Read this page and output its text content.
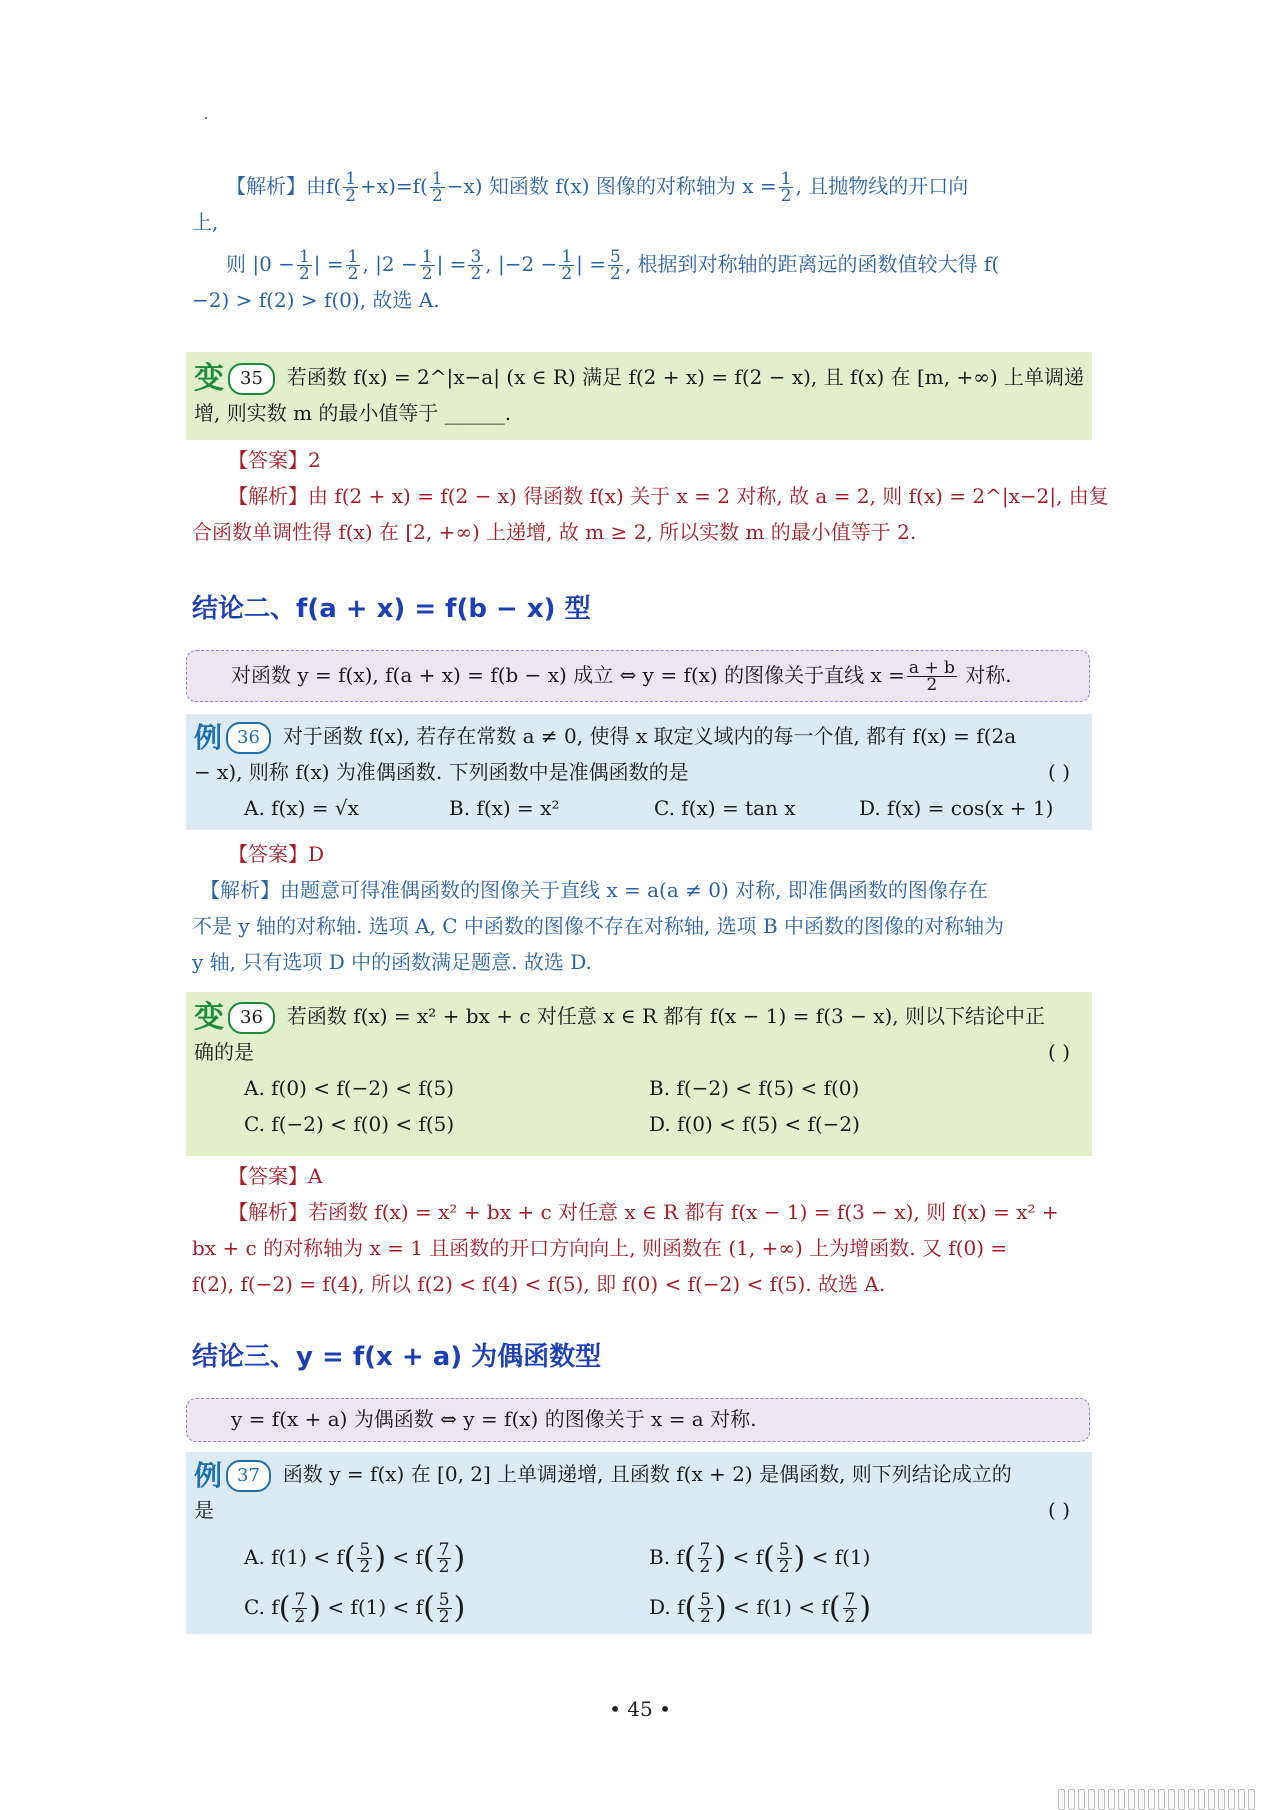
【解析】由$f( \frac{1}{2} +x)=f( \frac{1}{2} -x)$ 知函数 f(x) 图像的对称轴为 $x = \frac{1}{2}$ , 且抛物线的开口向
上,
则 $|0 - \frac{1}{2}$ | = $\frac{1}{2}$ , $|2 - \frac{1}{2}$ | = $\frac{3}{2}$ , $|-2 - \frac{1}{2}$ | = $\frac{5}{2}$ , 根据到对称轴的距离远的函数值较大得 f(
−2) > f(2) > f(0), 故选 A.
变 35	若函数 f(x) = 2^|x−a| (x ∈ R) 满足 f(2 + x) = f(2 − x), 且 f(x) 在 [m, +∞) 上单调递
增, 则实数 m 的最小值等于 ______.
【答案】2
【解析】由 f(2 + x) = f(2 − x) 得函数 f(x) 关于 x = 2 对称, 故 a = 2, 则 f(x) = 2^|x−2|, 由复
合函数单调性得 f(x) 在 [2, +∞) 上递增, 故 m ≥ 2, 所以实数 m 的最小值等于 2.
结论二、f(a + x) = f(b − x) 型
对函数 y = f(x), f(a + x) = f(b − x) 成立 ⇔ y = f(x) 的图像关于直线 $x = \frac{a + b}{2}$ 对称.
例 36	对于函数 f(x), 若存在常数 a ≠ 0, 使得 x 取定义域内的每一个值, 都有 f(x) = f(2a
− x), 则称 f(x) 为准偶函数. 下列函数中是准偶函数的是	( )
A. f(x) = √x	B. f(x) = x²	C. f(x) = tan x	D. f(x) = cos(x + 1)
【答案】D
【解析】由题意可得准偶函数的图像关于直线 x = a(a ≠ 0) 对称, 即准偶函数的图像存在
不是 y 轴的对称轴. 选项 A, C 中函数的图像不存在对称轴, 选项 B 中函数的图像的对称轴为
y 轴, 只有选项 D 中的函数满足题意. 故选 D.
变 36	若函数 f(x) = x² + bx + c 对任意 x ∈ R 都有 f(x − 1) = f(3 − x), 则以下结论中正
确的是	( )
A. f(0) < f(−2) < f(5)	B. f(−2) < f(5) < f(0)
C. f(−2) < f(0) < f(5)	D. f(0) < f(5) < f(−2)
【答案】A
【解析】若函数 f(x) = x² + bx + c 对任意 x ∈ R 都有 f(x − 1) = f(3 − x), 则 f(x) = x² +
bx + c 的对称轴为 x = 1 且函数的开口方向向上, 则函数在 (1, +∞) 上为增函数. 又 f(0) =
f(2), f(−2) = f(4), 所以 f(2) < f(4) < f(5), 即 f(0) < f(−2) < f(5). 故选 A.
结论三、y = f(x + a) 为偶函数型
y = f(x + a) 为偶函数 ⇔ y = f(x) 的图像关于 x = a 对称.
例 37	函数 y = f(x) 在 [0, 2] 上单调递增, 且函数 f(x + 2) 是偶函数, 则下列结论成立的
是	( )
A. $f(1) < f( \frac{5}{2}$ ) < $f( \frac{7}{2}$ )	B. $f( \frac{7}{2}$ ) < $f( \frac{5}{2}$ ) < f(1)
C. $f( \frac{7}{2}$ ) < $f(1) < f( \frac{5}{2}$ )	D. $f( \frac{5}{2}$ ) < $f(1) < f( \frac{7}{2}$ )
• 45 •
